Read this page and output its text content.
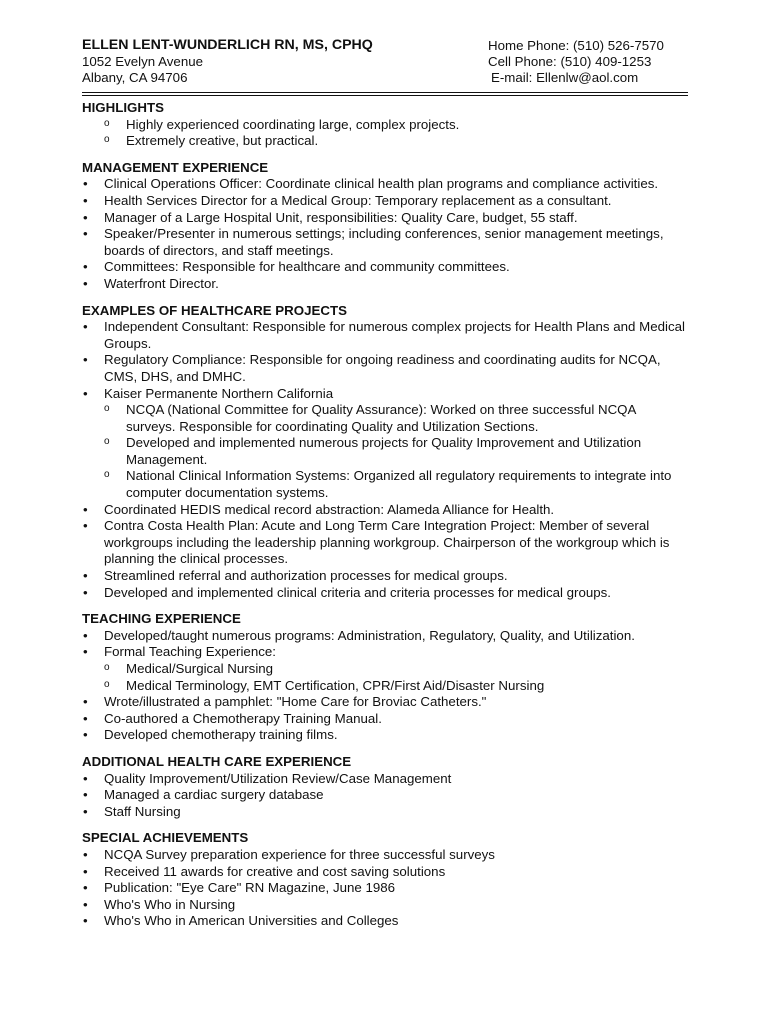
ELLEN LENT-WUNDERLICH RN, MS, CPHQ
1052 Evelyn Avenue
Albany, CA 94706
Home Phone: (510) 526-7570
Cell Phone: (510) 409-1253
E-mail: Ellenlw@aol.com
HIGHLIGHTS
o Highly experienced coordinating large, complex projects.
o Extremely creative, but practical.
MANAGEMENT EXPERIENCE
• Clinical Operations Officer: Coordinate clinical health plan programs and compliance activities.
• Health Services Director for a Medical Group: Temporary replacement as a consultant.
• Manager of a Large Hospital Unit, responsibilities: Quality Care, budget, 55 staff.
• Speaker/Presenter in numerous settings; including conferences, senior management meetings, boards of directors, and staff meetings.
• Committees: Responsible for healthcare and community committees.
• Waterfront Director.
EXAMPLES OF HEALTHCARE PROJECTS
• Independent Consultant: Responsible for numerous complex projects for Health Plans and Medical Groups.
• Regulatory Compliance: Responsible for ongoing readiness and coordinating audits for NCQA, CMS, DHS, and DMHC.
• Kaiser Permanente Northern California
o NCQA (National Committee for Quality Assurance): Worked on three successful NCQA surveys. Responsible for coordinating Quality and Utilization Sections.
o Developed and implemented numerous projects for Quality Improvement and Utilization Management.
o National Clinical Information Systems: Organized all regulatory requirements to integrate into computer documentation systems.
• Coordinated HEDIS medical record abstraction: Alameda Alliance for Health.
• Contra Costa Health Plan: Acute and Long Term Care Integration Project: Member of several workgroups including the leadership planning workgroup. Chairperson of the workgroup which is planning the clinical processes.
• Streamlined referral and authorization processes for medical groups.
• Developed and implemented clinical criteria and criteria processes for medical groups.
TEACHING EXPERIENCE
• Developed/taught numerous programs: Administration, Regulatory, Quality, and Utilization.
• Formal Teaching Experience:
o Medical/Surgical Nursing
o Medical Terminology, EMT Certification, CPR/First Aid/Disaster Nursing
• Wrote/illustrated a pamphlet: "Home Care for Broviac Catheters."
• Co-authored a Chemotherapy Training Manual.
• Developed chemotherapy training films.
ADDITIONAL HEALTH CARE EXPERIENCE
• Quality Improvement/Utilization Review/Case Management
• Managed a cardiac surgery database
• Staff Nursing
SPECIAL ACHIEVEMENTS
• NCQA Survey preparation experience for three successful surveys
• Received 11 awards for creative and cost saving solutions
• Publication: "Eye Care" RN Magazine, June 1986
• Who's Who in Nursing
• Who's Who in American Universities and Colleges
